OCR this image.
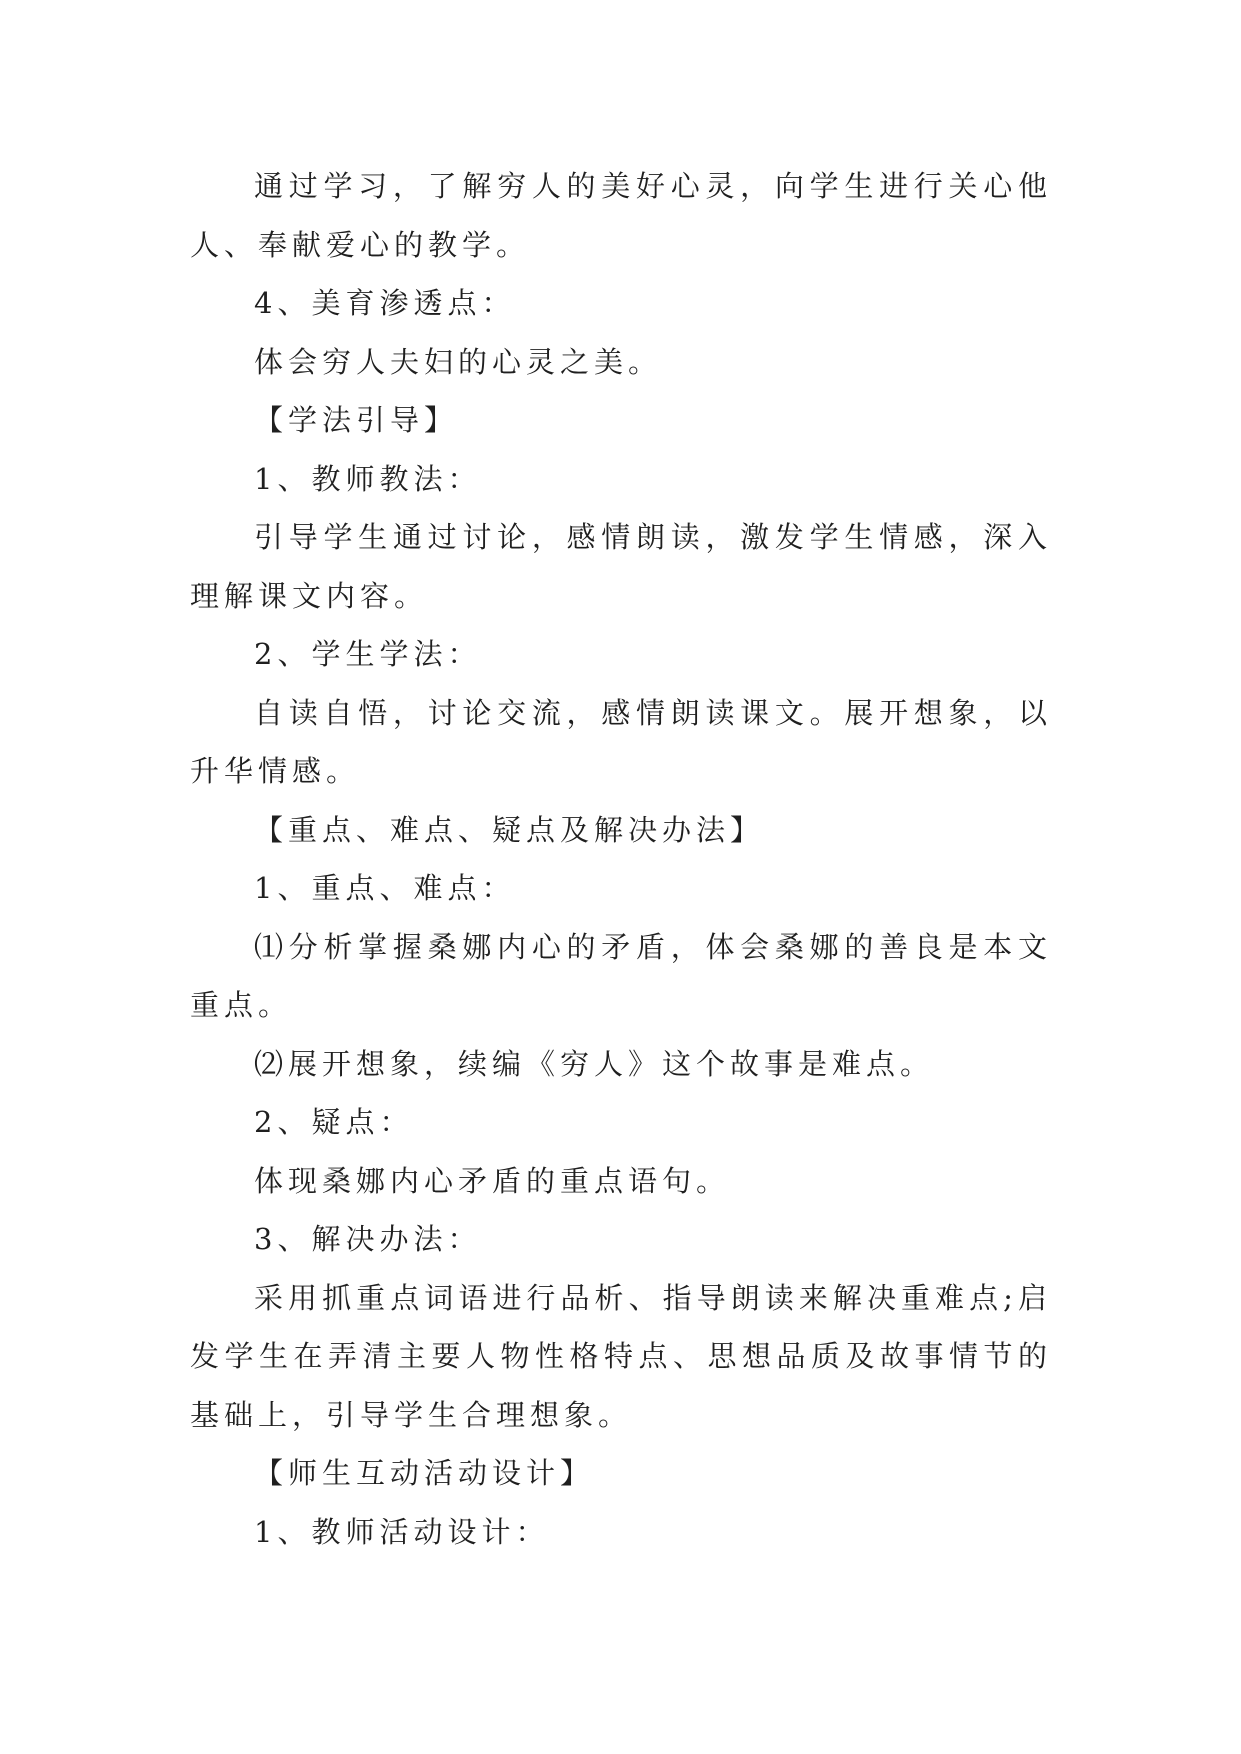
通过学习，了解穷人的美好心灵，向学生进行关心他人、奉献爱心的教学。

4、美育渗透点：

体会穷人夫妇的心灵之美。

【学法引导】

1、教师教法：

引导学生通过讨论，感情朗读，激发学生情感，深入理解课文内容。

2、学生学法：

自读自悟，讨论交流，感情朗读课文。展开想象，以升华情感。

【重点、难点、疑点及解决办法】

1、重点、难点：

⑴分析掌握桑娜内心的矛盾，体会桑娜的善良是本文重点。

⑵展开想象，续编《穷人》这个故事是难点。

2、疑点：

体现桑娜内心矛盾的重点语句。

3、解决办法：

采用抓重点词语进行品析、指导朗读来解决重难点;启发学生在弄清主要人物性格特点、思想品质及故事情节的基础上，引导学生合理想象。

【师生互动活动设计】

1、教师活动设计：
